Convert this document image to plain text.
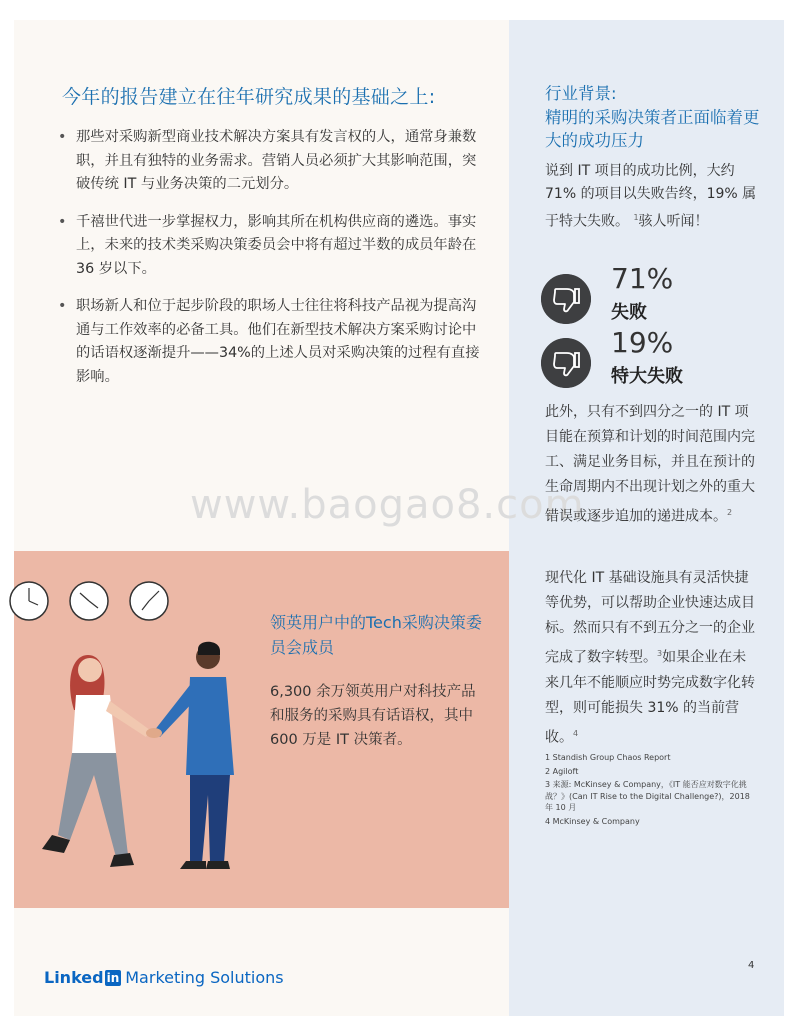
今年的报告建立在往年研究成果的基础之上:
• 那些对采购新型商业技术解决方案具有发言权的人，通常身兼数职，并且有独特的业务需求。营销人员必须扩大其影响范围，突破传统 IT 与业务决策的二元划分。
• 千禧世代进一步掌握权力，影响其所在机构供应商的遴选。事实上，未来的技术类采购决策委员会中将有超过半数的成员年龄在 36 岁以下。
• 职场新人和位于起步阶段的职场人士往往将科技产品视为提高沟通与工作效率的必备工具。他们在新型技术解决方案采购讨论中的话语权逐渐提升——34%的上述人员对采购决策的过程有直接影响。
www.baogao8.com
领英用户中的Tech采购决策委员会成员
6,300 余万领英用户对科技产品和服务的采购具有话语权，其中 600 万是 IT 决策者。
行业背景:
精明的采购决策者正面临着更大的成功压力
说到 IT 项目的成功比例，大约 71% 的项目以失败告终，19% 属于特大失败。 $^1$骇人听闻！
71%
失败
19%
特大失败
此外，只有不到四分之一的 IT 项目能在预算和计划的时间范围内完工、满足业务目标，并且在预计的生命周期内不出现计划之外的重大错误或逐步追加的递进成本。$^2$
现代化 IT 基础设施具有灵活快捷等优势，可以帮助企业快速达成目标。然而只有不到五分之一的企业完成了数字转型。$^3$如果企业在未来几年不能顺应时势完成数字化转型，则可能损失 31% 的当前营收。$^4$
1 Standish Group Chaos Report
2 Agiloft
3 来源: McKinsey & Company，《IT 能否应对数字化挑战？》(Can IT Rise to the Digital Challenge?)，2018 年 10 月
4 McKinsey & Company
Linked in Marketing Solutions
4
